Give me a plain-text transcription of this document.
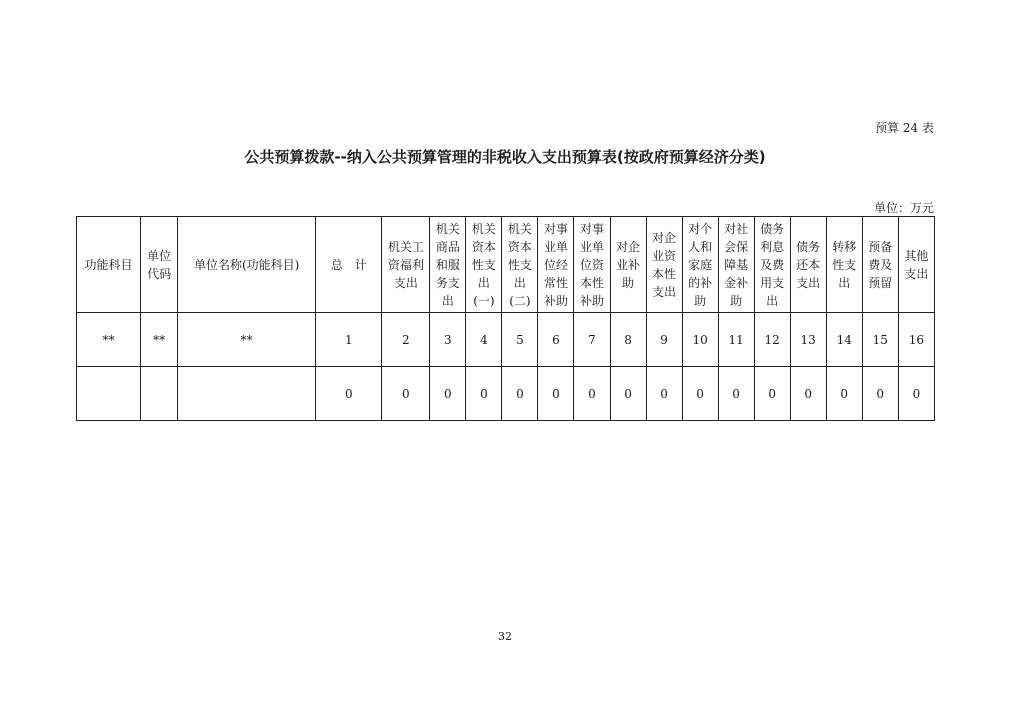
预算 24 表
公共预算拨款--纳入公共预算管理的非税收入支出预算表(按政府预算经济分类)
单位：万元
功能科目	单位
代码	单位名称(功能科目)	总　计	机关工
资福利
支出	机关
商品
和服
务支
出	机关
资本
性支
出
(一)	机关
资本
性支
出
(二)	对事
业单
位经
常性
补助	对事
业单
位资
本性
补助	对企
业补
助	对企
业资
本性
支出	对个
人和
家庭
的补
助	对社
会保
障基
金补
助	债务
利息
及费
用支
出	债务
还本
支出	转移
性支
出	预备
费及
预留	其他
支出
**	**	**	1	2	3	4	5	6	7	8	9	10	11	12	13	14	15	16
			0	0	0	0	0	0	0	0	0	0	0	0	0	0	0	0
32
